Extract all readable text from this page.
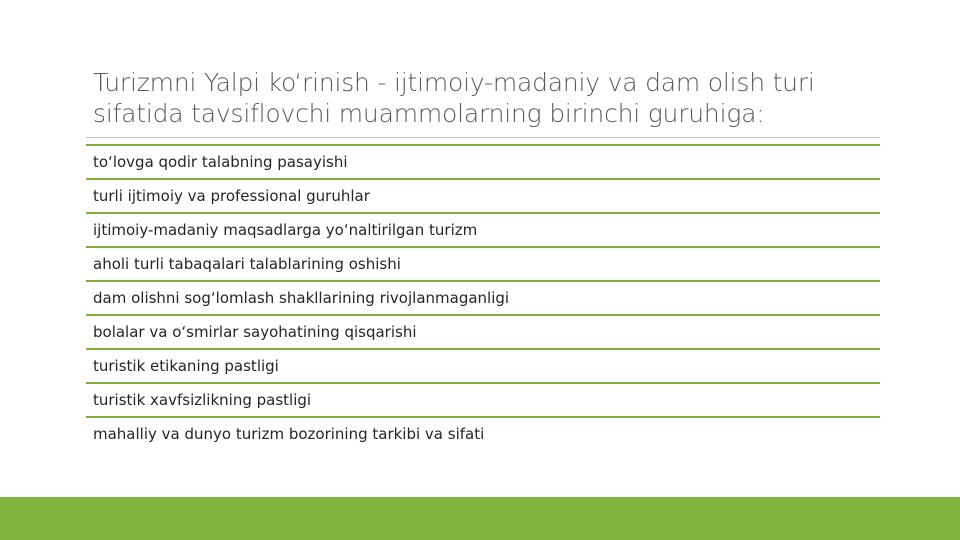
Turizmni Yalpi ko‘rinish - ijtimoiy-madaniy va dam olish turi sifatida tavsiflovchi muammolarning birinchi guruhiga:
to‘lovga qodir talabning pasayishi
turli ijtimoiy va professional guruhlar
ijtimoiy-madaniy maqsadlarga yo‘naltirilgan turizm
aholi turli tabaqalari talablarining oshishi
dam olishni sog‘lomlash shakllarining rivojlanmaganligi
bolalar va o‘smirlar sayohatining qisqarishi
turistik etikaning pastligi
turistik xavfsizlikning pastligi
mahalliy va dunyo turizm bozorining tarkibi va sifati
